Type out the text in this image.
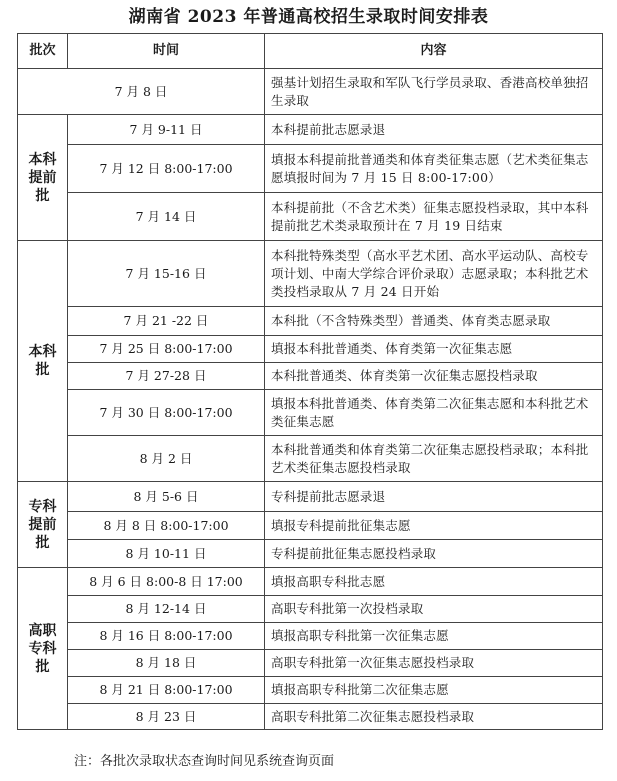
湖南省 2023 年普通高校招生录取时间安排表
批次	时间	内容
7 月 8 日		强基计划招生录取和军队飞行学员录取、香港高校单独招生录取

本科
提前
批	7 月 9-11 日	本科提前批志愿录退
	7 月 12 日 8:00-17:00	填报本科提前批普通类和体育类征集志愿（艺术类征集志愿填报时间为 7 月 15 日 8:00-17:00）
	7 月 14 日	本科提前批（不含艺术类）征集志愿投档录取，其中本科提前批艺术类录取预计在 7 月 19 日结束

本科
批	7 月 15-16 日	本科批特殊类型（高水平艺术团、高水平运动队、高校专项计划、中南大学综合评价录取）志愿录取；本科批艺术类投档录取从 7 月 24 日开始
	7 月 21 -22 日	本科批（不含特殊类型）普通类、体育类志愿录取
	7 月 25 日 8:00-17:00	填报本科批普通类、体育类第一次征集志愿
	7 月 27-28 日	本科批普通类、体育类第一次征集志愿投档录取
	7 月 30 日 8:00-17:00	填报本科批普通类、体育类第二次征集志愿和本科批艺术类征集志愿
	8 月 2 日	本科批普通类和体育类第二次征集志愿投档录取；本科批艺术类征集志愿投档录取

专科
提前
批	8 月 5-6 日	专科提前批志愿录退
	8 月 8 日 8:00-17:00	填报专科提前批征集志愿
	8 月 10-11 日	专科提前批征集志愿投档录取

高职
专科
批	8 月 6 日 8:00-8 日 17:00	填报高职专科批志愿
	8 月 12-14 日	高职专科批第一次投档录取
	8 月 16 日 8:00-17:00	填报高职专科批第一次征集志愿
	8 月 18 日	高职专科批第一次征集志愿投档录取
	8 月 21 日 8:00-17:00	填报高职专科批第二次征集志愿
	8 月 23 日	高职专科批第二次征集志愿投档录取
注：各批次录取状态查询时间见系统查询页面
